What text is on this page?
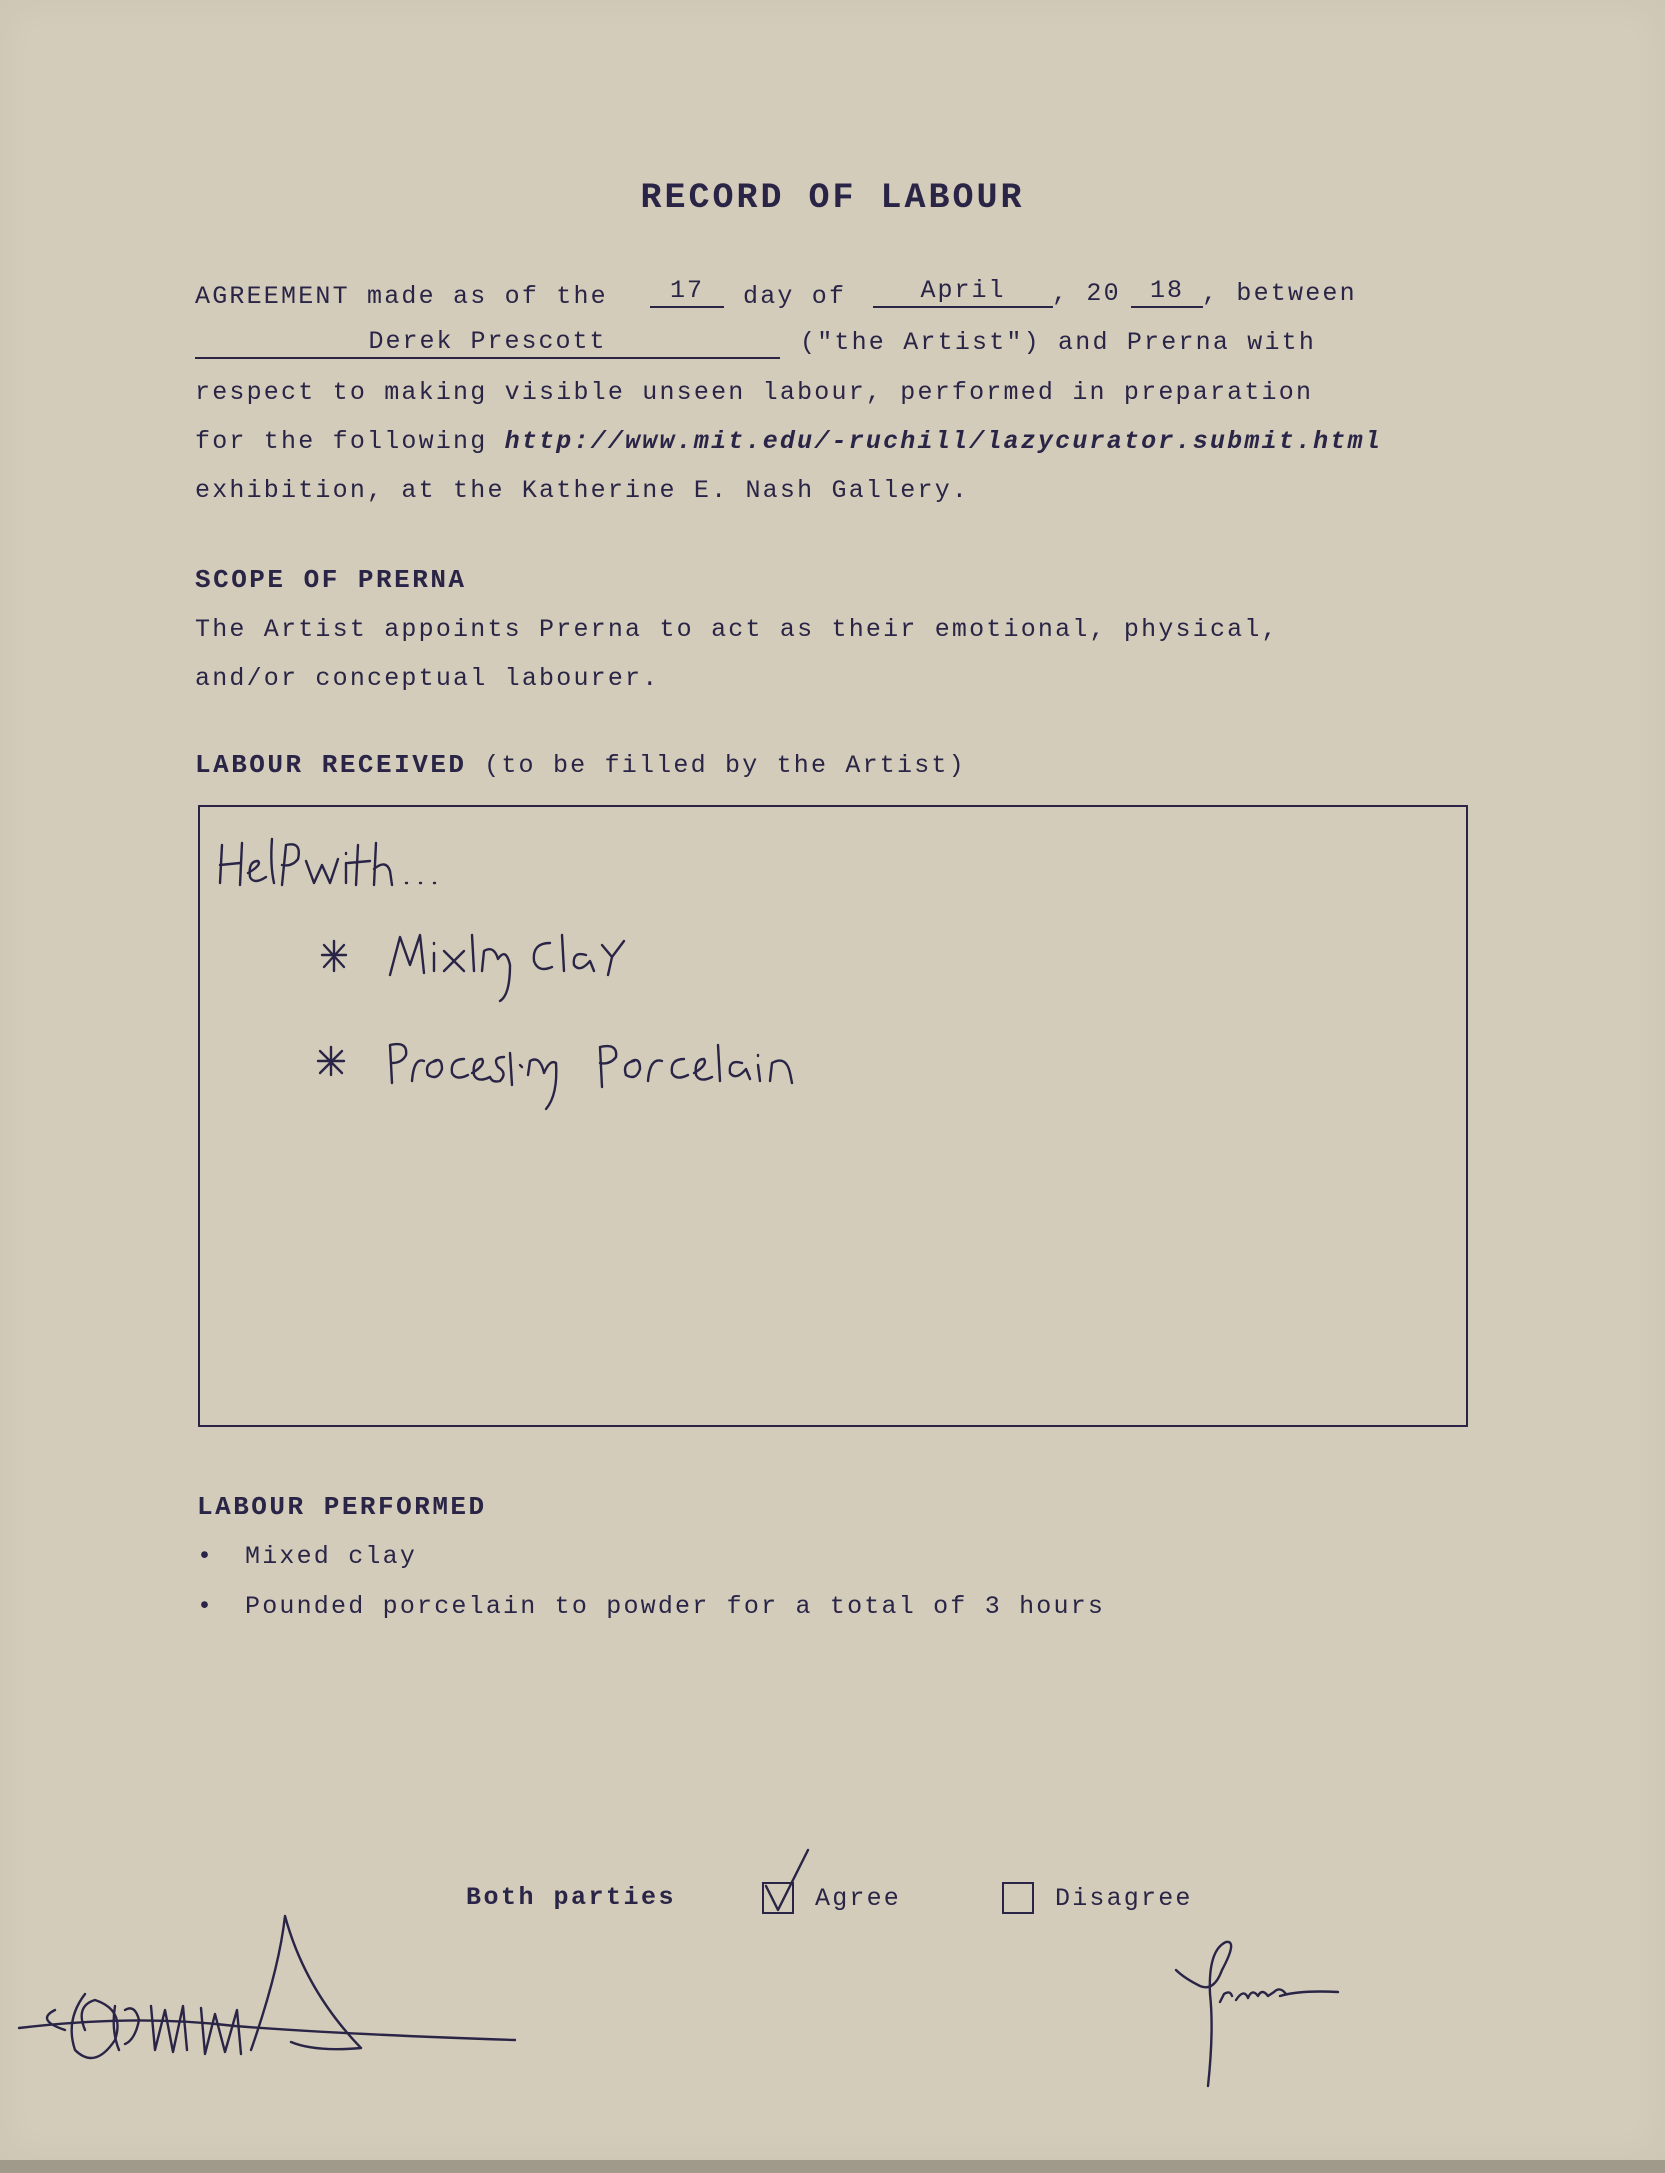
RECORD OF LABOUR
AGREEMENT made as of the	17	day of	April	, 20	18 , between
Derek Prescott	("the Artist") and Prerna with
respect to making visible unseen labour, performed in preparation
for the following http://www.mit.edu/-ruchill/lazycurator.submit.html
exhibition, at the Katherine E. Nash Gallery.
SCOPE OF PRERNA
The Artist appoints Prerna to act as their emotional, physical,
and/or conceptual labourer.
LABOUR RECEIVED (to be filled by the Artist)
LABOUR PERFORMED
• Mixed clay
• Pounded porcelain to powder for a total of 3 hours
Both parties	Agree	Disagree
